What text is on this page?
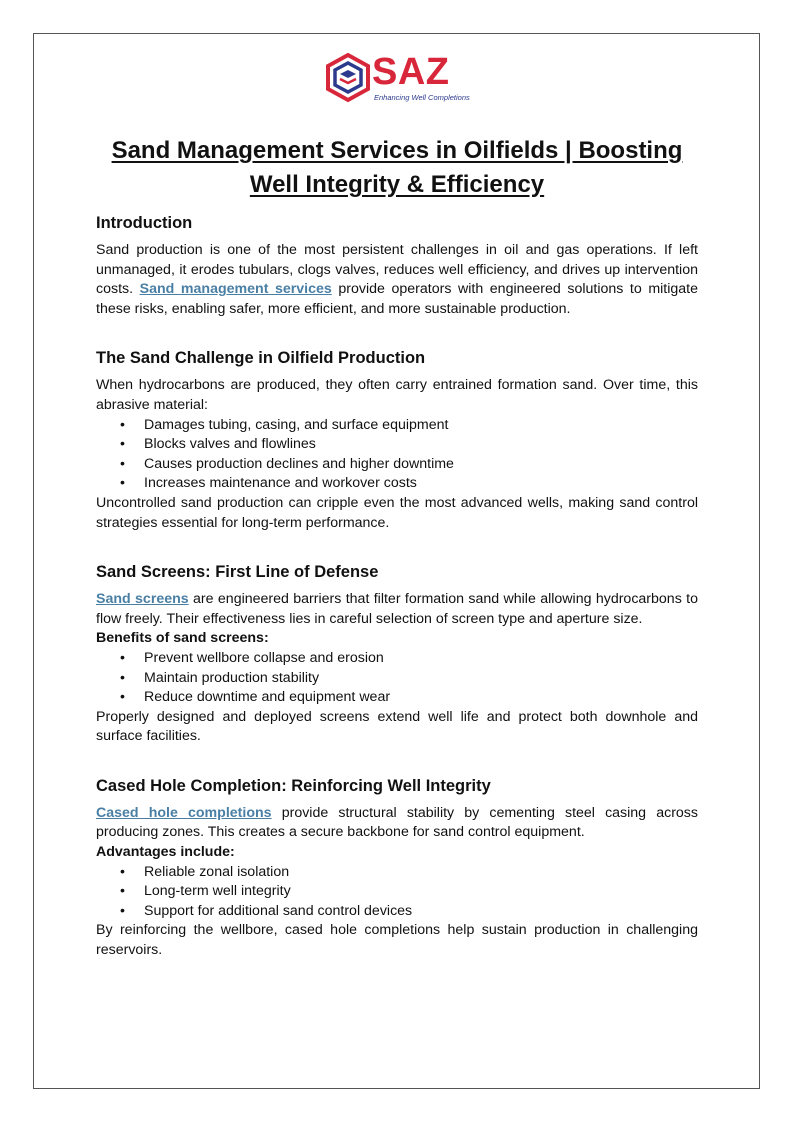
SAZ
Enhancing Well Completions
Sand Management Services in Oilfields | Boosting
Well Integrity & Efficiency
Introduction

Sand production is one of the most persistent challenges in oil and gas operations. If left unmanaged, it erodes tubulars, clogs valves, reduces well efficiency, and drives up intervention costs. Sand management services provide operators with engineered solutions to mitigate these risks, enabling safer, more efficient, and more sustainable production.

The Sand Challenge in Oilfield Production

When hydrocarbons are produced, they often carry entrained formation sand. Over time, this abrasive material:

• Damages tubing, casing, and surface equipment
• Blocks valves and flowlines
• Causes production declines and higher downtime
• Increases maintenance and workover costs

Uncontrolled sand production can cripple even the most advanced wells, making sand control strategies essential for long-term performance.

Sand Screens: First Line of Defense

Sand screens are engineered barriers that filter formation sand while allowing hydrocarbons to flow freely. Their effectiveness lies in careful selection of screen type and aperture size.

Benefits of sand screens:

• Prevent wellbore collapse and erosion
• Maintain production stability
• Reduce downtime and equipment wear

Properly designed and deployed screens extend well life and protect both downhole and surface facilities.

Cased Hole Completion: Reinforcing Well Integrity

Cased hole completions provide structural stability by cementing steel casing across producing zones. This creates a secure backbone for sand control equipment.

Advantages include:

• Reliable zonal isolation
• Long-term well integrity
• Support for additional sand control devices

By reinforcing the wellbore, cased hole completions help sustain production in challenging reservoirs.
